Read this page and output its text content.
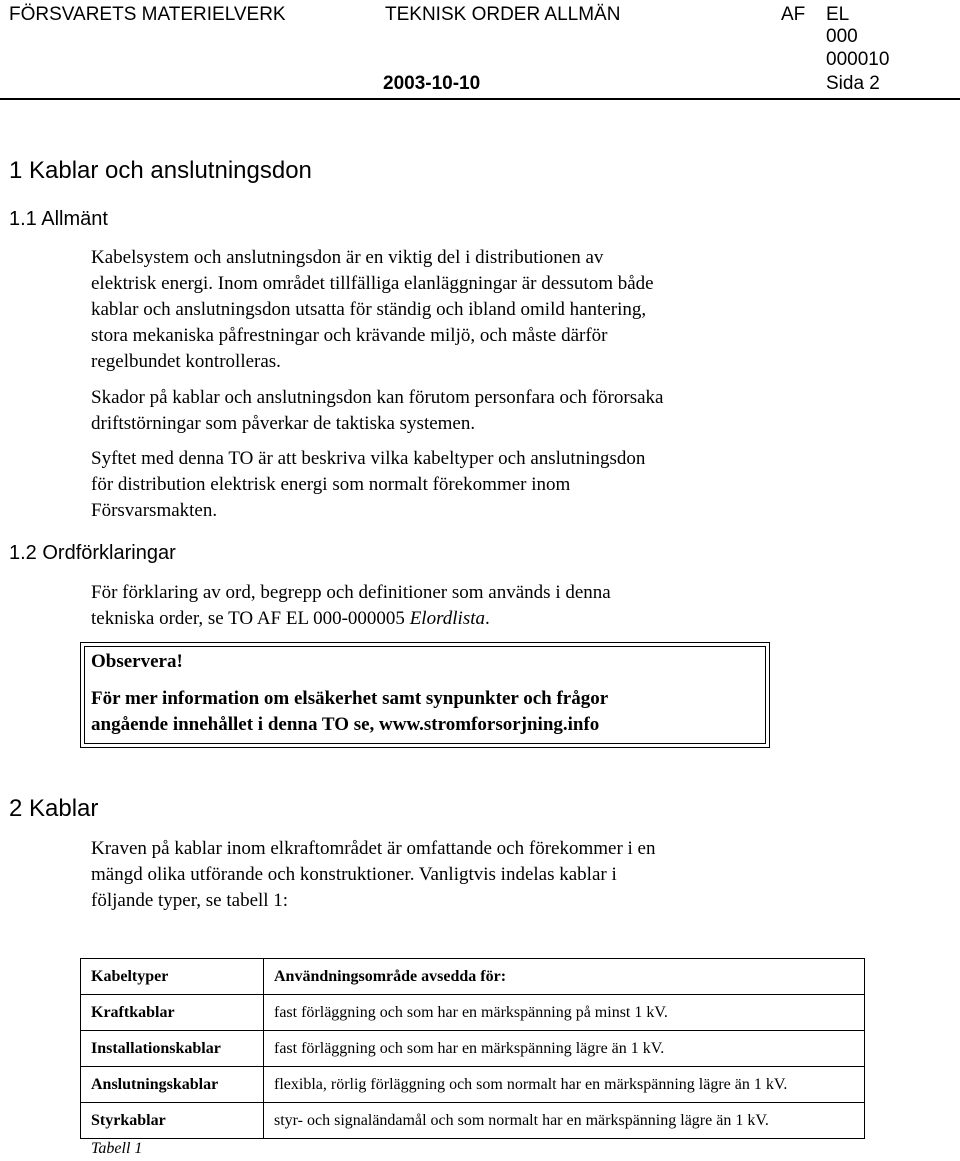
FÖRSVARETS MATERIELVERK	TEKNISK ORDER ALLMÄN	AF EL
000
000010
2003-10-10	Sida 2
1 Kablar och anslutningsdon
1.1 Allmänt
Kabelsystem och anslutningsdon är en viktig del i distributionen av
elektrisk energi. Inom området tillfälliga elanläggningar är dessutom både
kablar och anslutningsdon utsatta för ständig och ibland omild hantering,
stora mekaniska påfrestningar och krävande miljö, och måste därför
regelbundet kontrolleras.
Skador på kablar och anslutningsdon kan förutom personfara och förorsaka
driftstörningar som påverkar de taktiska systemen.
Syftet med denna TO är att beskriva vilka kabeltyper och anslutningsdon
för distribution elektrisk energi som normalt förekommer inom
Försvarsmakten.
1.2 Ordförklaringar
För förklaring av ord, begrepp och definitioner som används i denna
tekniska order, se TO AF EL 000-000005 Elordlista.
Observera!
För mer information om elsäkerhet samt synpunkter och frågor
angående innehållet i denna TO se, www.stromforsorjning.info
2 Kablar
Kraven på kablar inom elkraftområdet är omfattande och förekommer i en
mängd olika utförande och konstruktioner. Vanligtvis indelas kablar i
följande typer, se tabell 1:
Kabeltyper	Användningsområde avsedda för:
Kraftkablar	fast förläggning och som har en märkspänning på minst 1 kV.
Installationskablar	fast förläggning och som har en märkspänning lägre än 1 kV.
Anslutningskablar	flexibla, rörlig förläggning och som normalt har en märkspänning lägre än 1 kV.
Styrkablar	styr- och signaländamål och som normalt har en märkspänning lägre än 1 kV.
Tabell 1
